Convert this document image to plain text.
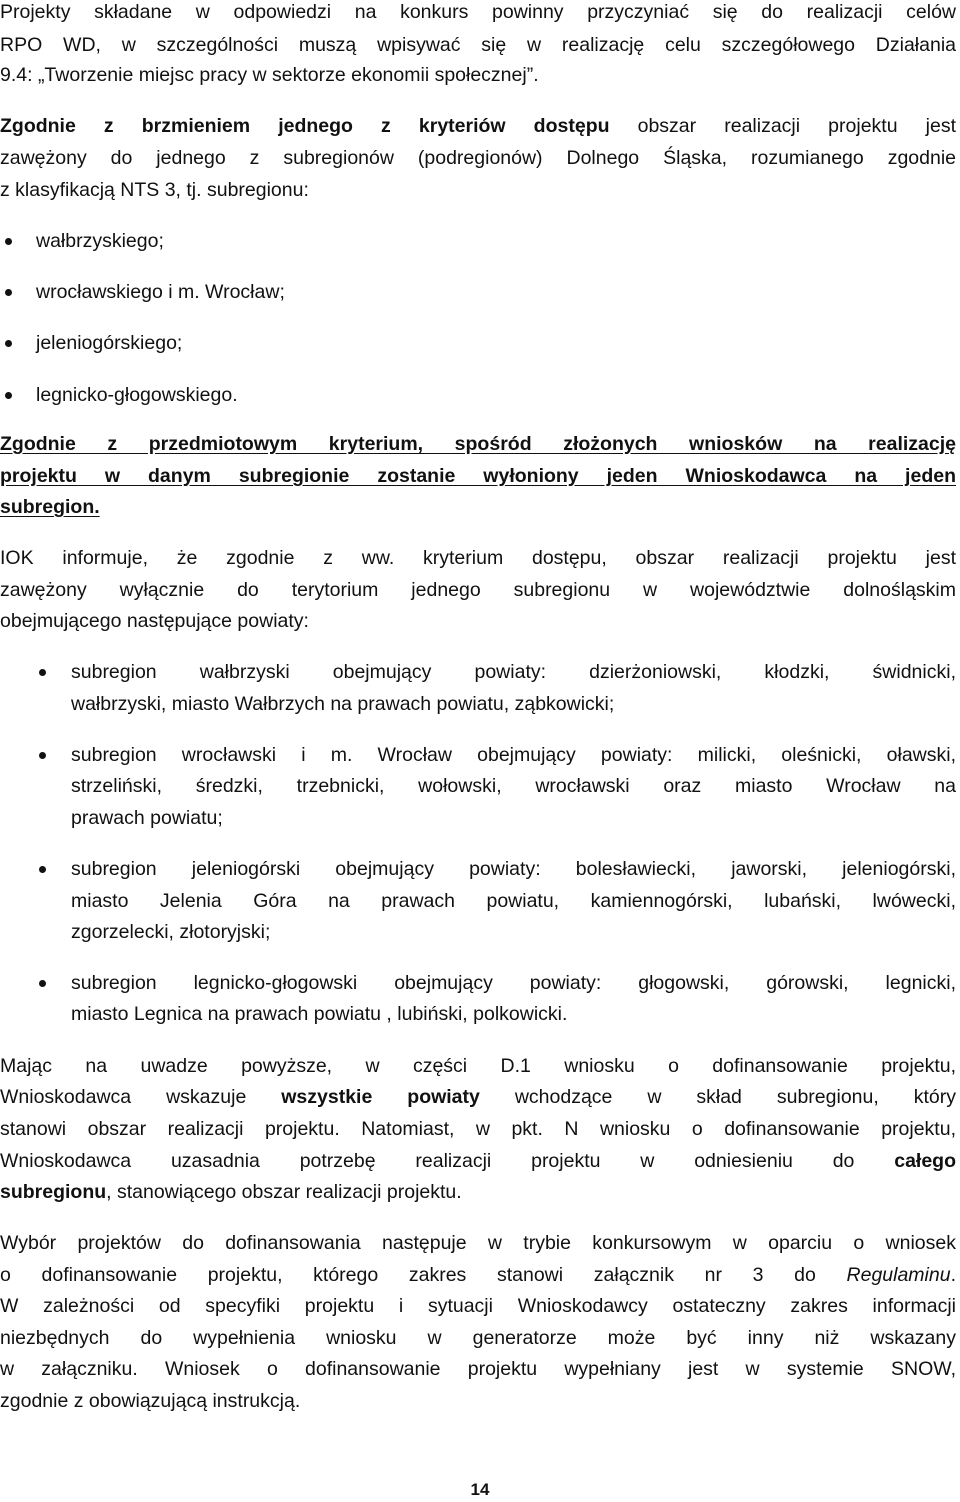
Projekty składane w odpowiedzi na konkurs powinny przyczyniać się do realizacji celów

RPO WD, w szczególności muszą wpisywać się w realizację celu szczegółowego Działania

9.4: „Tworzenie miejsc pracy w sektorze ekonomii społecznej”.

Zgodnie z brzmieniem jednego z kryteriów dostępu obszar realizacji projektu jest

zawężony do jednego z subregionów (podregionów) Dolnego Śląska, rozumianego zgodnie

z klasyfikacją NTS 3, tj. subregionu:

wałbrzyskiego;

wrocławskiego i m. Wrocław;

jeleniogórskiego;

legnicko-głogowskiego.

Zgodnie z przedmiotowym kryterium, spośród złożonych wniosków na realizację

projektu w danym subregionie zostanie wyłoniony jeden Wnioskodawca na jeden

subregion.

IOK informuje, że zgodnie z ww. kryterium dostępu, obszar realizacji projektu jest

zawężony wyłącznie do terytorium jednego subregionu w województwie dolnośląskim

obejmującego następujące powiaty:

subregion wałbrzyski obejmujący powiaty: dzierżoniowski, kłodzki, świdnicki,

wałbrzyski, miasto Wałbrzych na prawach powiatu, ząbkowicki;

subregion wrocławski i m. Wrocław obejmujący powiaty: milicki, oleśnicki, oławski,

strzeliński, średzki, trzebnicki, wołowski, wrocławski oraz miasto Wrocław na

prawach powiatu;

subregion jeleniogórski obejmujący powiaty: bolesławiecki, jaworski, jeleniogórski,

miasto Jelenia Góra na prawach powiatu, kamiennogórski, lubański, lwówecki,

zgorzelecki, złotoryjski;

subregion legnicko-głogowski obejmujący powiaty: głogowski, górowski, legnicki,

miasto Legnica na prawach powiatu , lubiński, polkowicki.

Mając na uwadze powyższe, w części D.1 wniosku o dofinansowanie projektu,

Wnioskodawca wskazuje wszystkie powiaty wchodzące w skład subregionu, który

stanowi obszar realizacji projektu. Natomiast, w pkt. N wniosku o dofinansowanie projektu,

Wnioskodawca uzasadnia potrzebę realizacji projektu w odniesieniu do całego

subregionu, stanowiącego obszar realizacji projektu.

Wybór projektów do dofinansowania następuje w trybie konkursowym w oparciu o wniosek

o dofinansowanie projektu, którego zakres stanowi załącznik nr 3 do Regulaminu.

W zależności od specyfiki projektu i sytuacji Wnioskodawcy ostateczny zakres informacji

niezbędnych do wypełnienia wniosku w generatorze może być inny niż wskazany

w załączniku. Wniosek o dofinansowanie projektu wypełniany jest w systemie SNOW,

zgodnie z obowiązującą instrukcją.

14
